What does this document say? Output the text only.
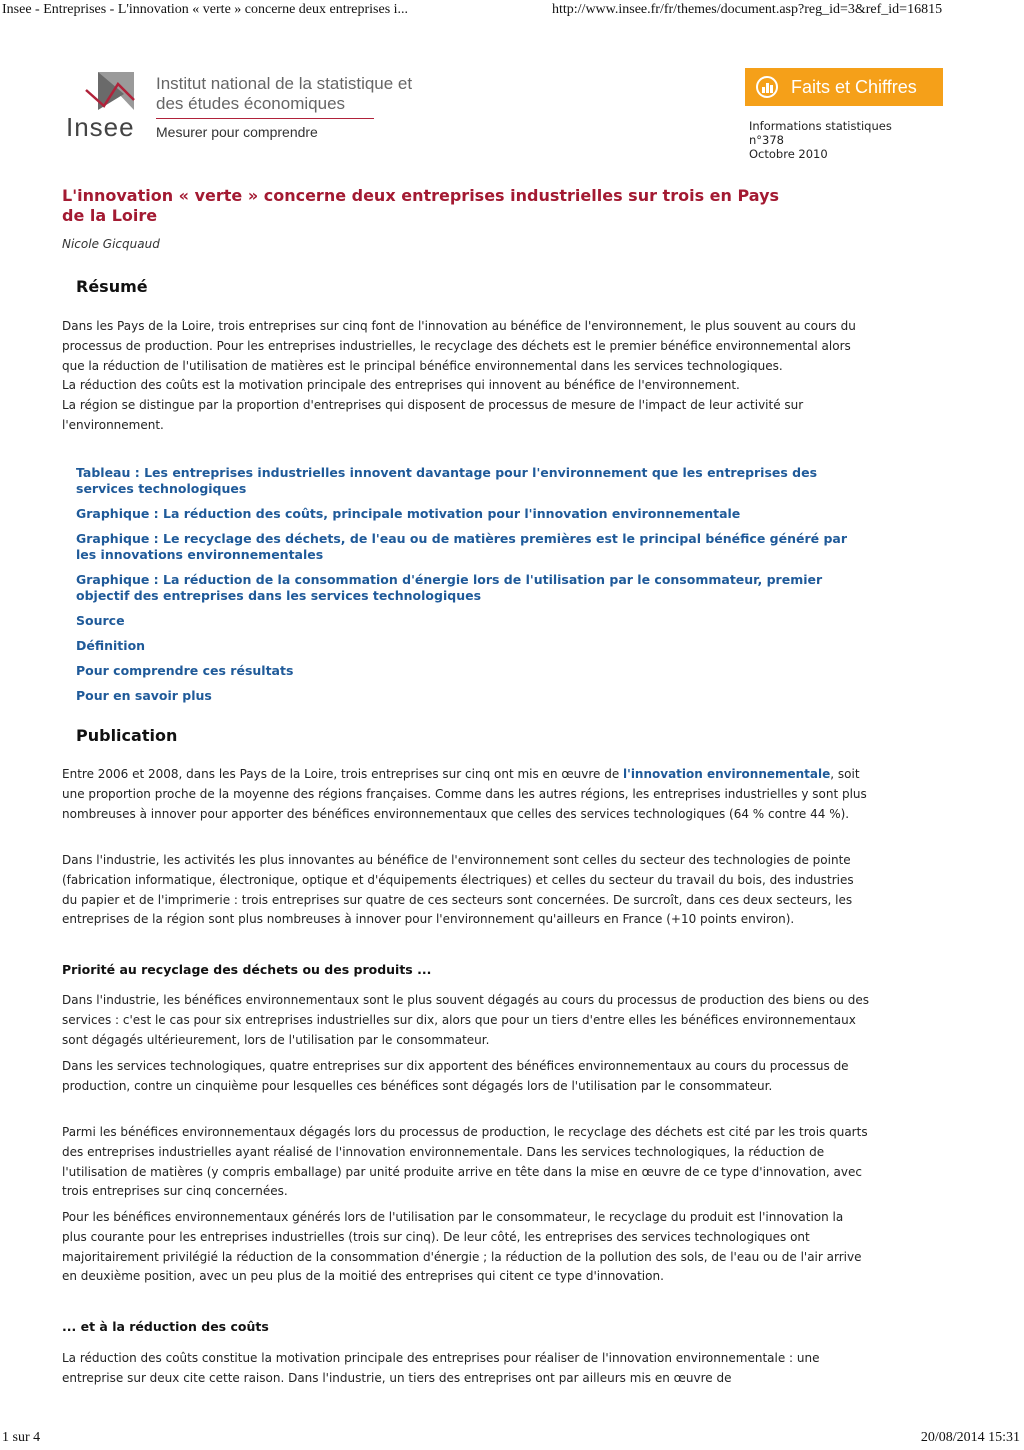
Insee - Entreprises - L'innovation « verte » concerne deux entreprises i...	http://www.insee.fr/fr/themes/document.asp?reg_id=3&ref_id=16815
Insee
Institut national de la statistique et des études économiques
Mesurer pour comprendre
Faits et Chiffres
Informations statistiques
n°378
Octobre 2010
L'innovation « verte » concerne deux entreprises industrielles sur trois en Pays de la Loire
Nicole Gicquaud
Résumé
Dans les Pays de la Loire, trois entreprises sur cinq font de l'innovation au bénéfice de l'environnement, le plus souvent au cours du processus de production. Pour les entreprises industrielles, le recyclage des déchets est le premier bénéfice environnemental alors que la réduction de l'utilisation de matières est le principal bénéfice environnemental dans les services technologiques.
La réduction des coûts est la motivation principale des entreprises qui innovent au bénéfice de l'environnement.
La région se distingue par la proportion d'entreprises qui disposent de processus de mesure de l'impact de leur activité sur l'environnement.
Tableau : Les entreprises industrielles innovent davantage pour l'environnement que les entreprises des services technologiques
Graphique : La réduction des coûts, principale motivation pour l'innovation environnementale
Graphique : Le recyclage des déchets, de l'eau ou de matières premières est le principal bénéfice généré par les innovations environnementales
Graphique : La réduction de la consommation d'énergie lors de l'utilisation par le consommateur, premier objectif des entreprises dans les services technologiques
Source
Définition
Pour comprendre ces résultats
Pour en savoir plus
Publication

Entre 2006 et 2008, dans les Pays de la Loire, trois entreprises sur cinq ont mis en œuvre de l'innovation environnementale, soit une proportion proche de la moyenne des régions françaises. Comme dans les autres régions, les entreprises industrielles y sont plus nombreuses à innover pour apporter des bénéfices environnementaux que celles des services technologiques (64 % contre 44 %).

Dans l'industrie, les activités les plus innovantes au bénéfice de l'environnement sont celles du secteur des technologies de pointe (fabrication informatique, électronique, optique et d'équipements électriques) et celles du secteur du travail du bois, des industries du papier et de l'imprimerie : trois entreprises sur quatre de ces secteurs sont concernées. De surcroît, dans ces deux secteurs, les entreprises de la région sont plus nombreuses à innover pour l'environnement qu'ailleurs en France (+10 points environ).

Priorité au recyclage des déchets ou des produits ...

Dans l'industrie, les bénéfices environnementaux sont le plus souvent dégagés au cours du processus de production des biens ou des services : c'est le cas pour six entreprises industrielles sur dix, alors que pour un tiers d'entre elles les bénéfices environnementaux sont dégagés ultérieurement, lors de l'utilisation par le consommateur.

Dans les services technologiques, quatre entreprises sur dix apportent des bénéfices environnementaux au cours du processus de production, contre un cinquième pour lesquelles ces bénéfices sont dégagés lors de l'utilisation par le consommateur.

Parmi les bénéfices environnementaux dégagés lors du processus de production, le recyclage des déchets est cité par les trois quarts des entreprises industrielles ayant réalisé de l'innovation environnementale. Dans les services technologiques, la réduction de l'utilisation de matières (y compris emballage) par unité produite arrive en tête dans la mise en œuvre de ce type d'innovation, avec trois entreprises sur cinq concernées.

Pour les bénéfices environnementaux générés lors de l'utilisation par le consommateur, le recyclage du produit est l'innovation la plus courante pour les entreprises industrielles (trois sur cinq). De leur côté, les entreprises des services technologiques ont majoritairement privilégié la réduction de la consommation d'énergie ; la réduction de la pollution des sols, de l'eau ou de l'air arrive en deuxième position, avec un peu plus de la moitié des entreprises qui citent ce type d'innovation.

... et à la réduction des coûts

La réduction des coûts constitue la motivation principale des entreprises pour réaliser de l'innovation environnementale : une entreprise sur deux cite cette raison. Dans l'industrie, un tiers des entreprises ont par ailleurs mis en œuvre de

1 sur 4	20/08/2014 15:31
